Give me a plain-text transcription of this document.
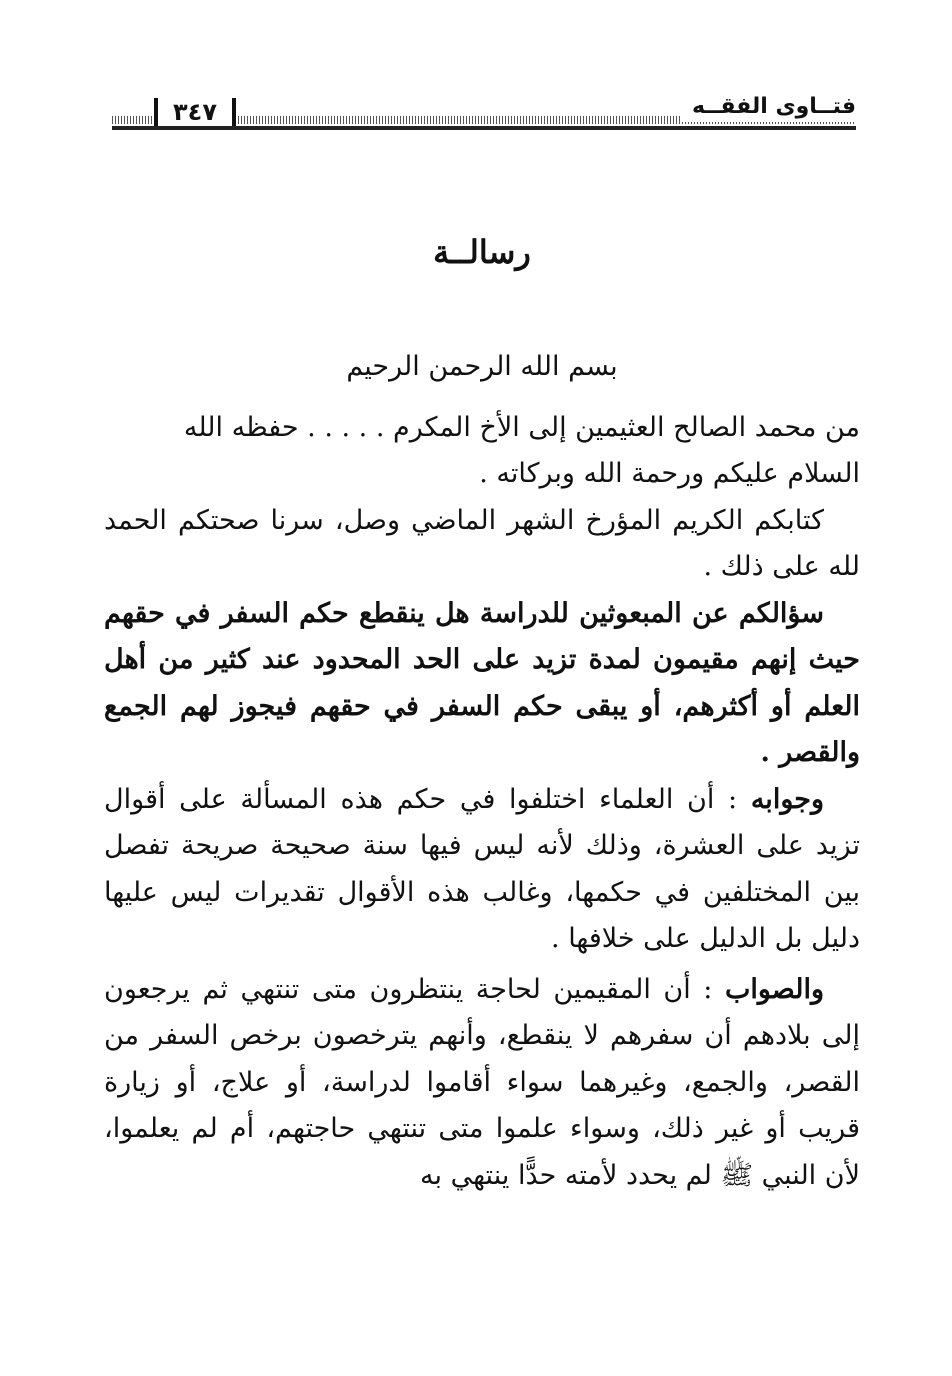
فتــاوى الفقــه
٣٤٧
رسالــة
بسم الله الرحمن الرحيم

من محمد الصالح العثيمين إلى الأخ المكرم . . . . . حفظه الله

السلام عليكم ورحمة الله وبركاته .

كتابكم الكريم المؤرخ الشهر الماضي وصل، سرنا صحتكم الحمد لله على ذلك .

سؤالكم عن المبعوثين للدراسة هل ينقطع حكم السفر في حقهم حيث إنهم مقيمون لمدة تزيد على الحد المحدود عند كثير من أهل العلم أو أكثرهم، أو يبقى حكم السفر في حقهم فيجوز لهم الجمع والقصر .

وجوابه : أن العلماء اختلفوا في حكم هذه المسألة على أقوال تزيد على العشرة، وذلك لأنه ليس فيها سنة صحيحة صريحة تفصل بين المختلفين في حكمها، وغالب هذه الأقوال تقديرات ليس عليها دليل بل الدليل على خلافها .

والصواب : أن المقيمين لحاجة ينتظرون متى تنتهي ثم يرجعون إلى بلادهم أن سفرهم لا ينقطع، وأنهم يترخصون برخص السفر من القصر، والجمع، وغيرهما سواء أقاموا لدراسة، أو علاج، أو زيارة قريب أو غير ذلك، وسواء علموا متى تنتهي حاجتهم، أم لم يعلموا، لأن النبي ﷺ لم يحدد لأمته حدًّا ينتهي به
